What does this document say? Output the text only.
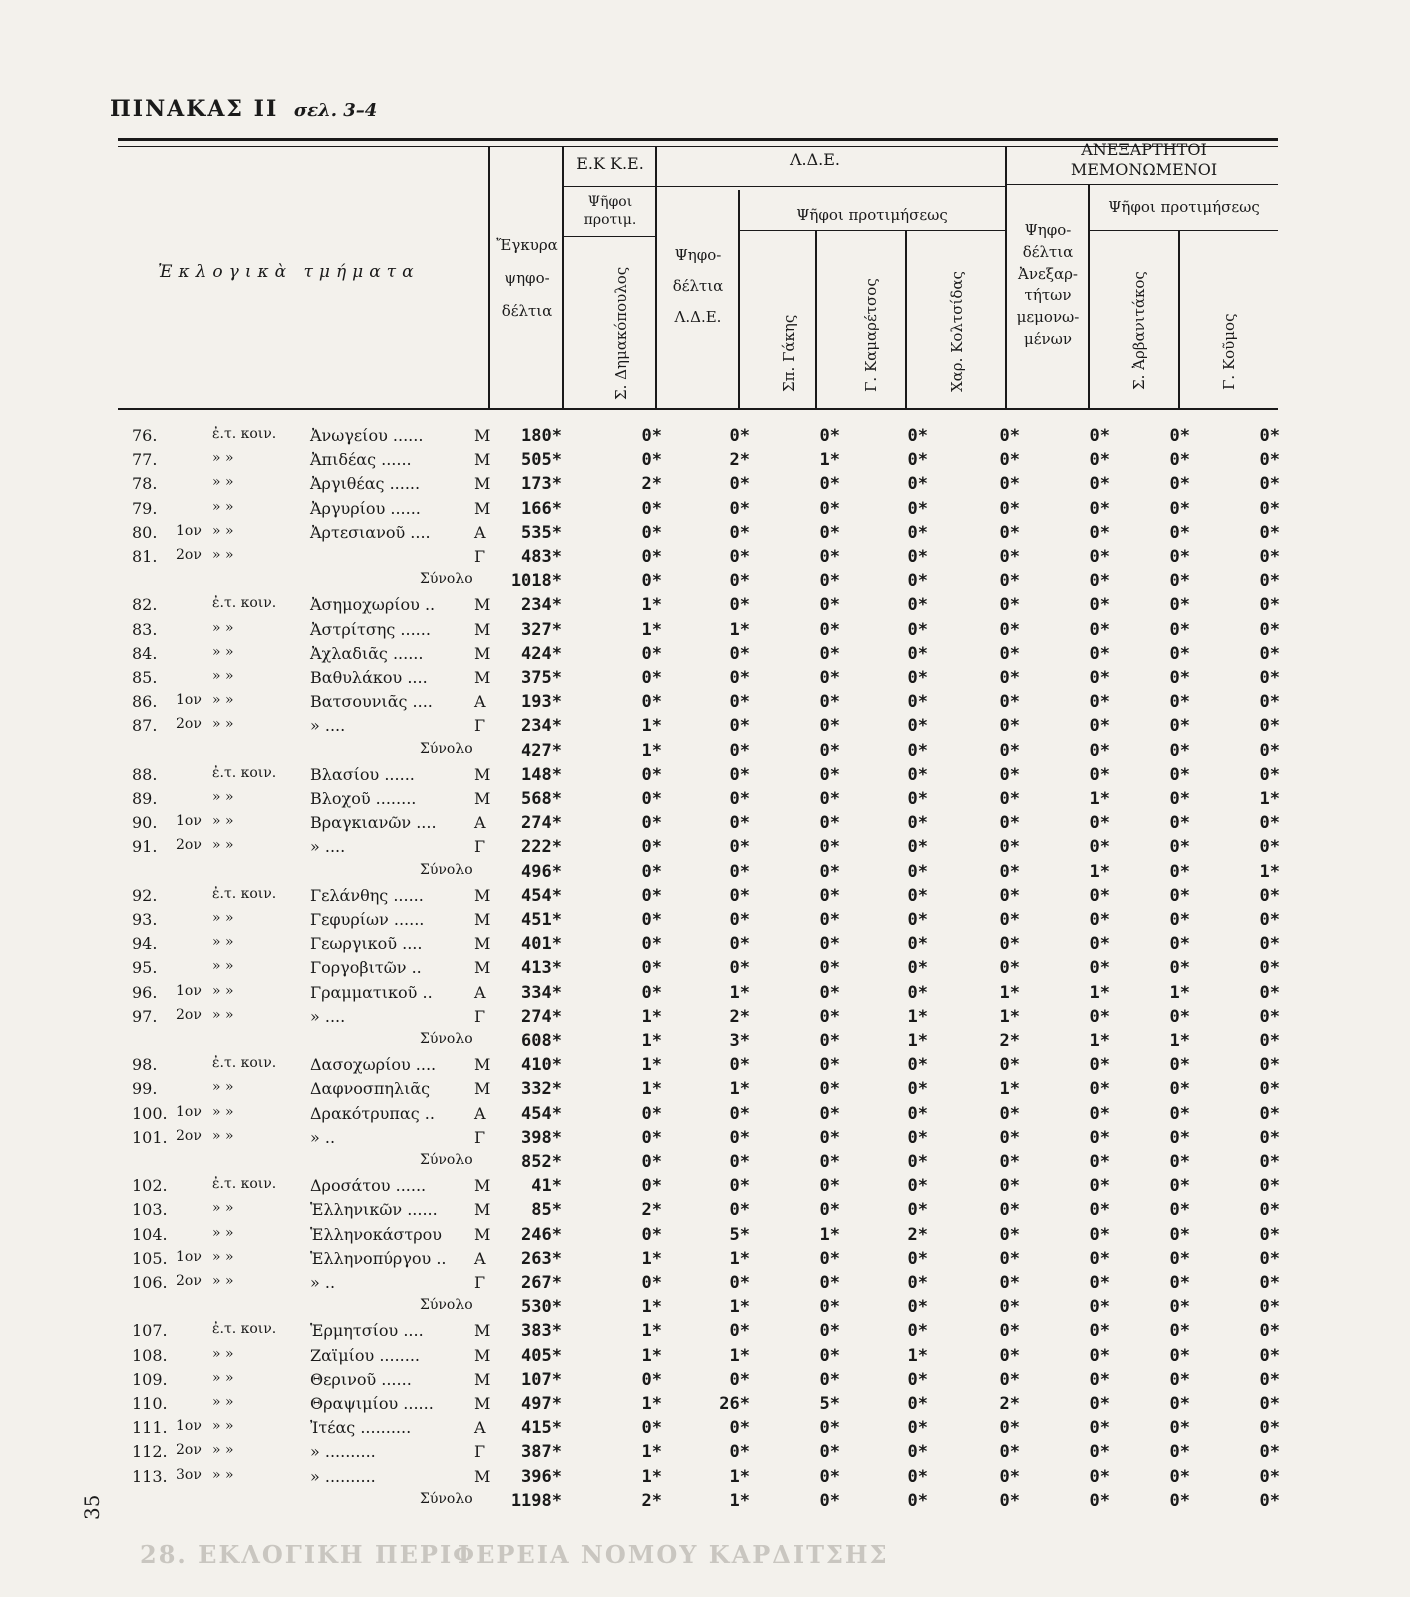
ΠΙΝΑΚΑΣ ΙΙ σελ. 3–4
Ἐκλογικὰ τμήματα
Ἔγκυρα
ψηφο-
δέλτια
Ε.Κ Κ.Ε.
Ψῆφοι
προτιμ.
Σ. Δημακόπουλος
Λ.Δ.Ε.
Ψηφο-
δέλτια
Λ.Δ.Ε.
Ψῆφοι προτιμήσεως
Σπ. Γάκης	Γ. Καμαρέτσος	Χαρ. Κολτσίδας
ΑΝΕΞΑΡΤΗΤΟΙ
ΜΕΜΟΝΩΜΕΝΟΙ
Ψηφο-
δέλτια
Ἀνεξαρ-
τήτων
μεμονω-
μένων
Ψῆφοι προτιμήσεως
Σ. Ἀρβανιτάκος	Γ. Κοῦμος
76.	ἐ.τ. κοιν. Ἀνωγείου ......	Μ	180*	0*	0*	0*	0*	0*	0*	0*	0*
77.	» »	Ἀπιδέας ......	Μ	505*	0*	2*	1*	0*	0*	0*	0*	0*
78.	» »	Ἀργιθέας ......	Μ	173*	2*	0*	0*	0*	0*	0*	0*	0*
79.	» »	Ἀργυρίου ......	Μ	166*	0*	0*	0*	0*	0*	0*	0*	0*
80. 1ον » »	Ἀρτεσιανοῦ ....	Α	535*	0*	0*	0*	0*	0*	0*	0*	0*
81. 2ον » »	Γ	483*	0*	0*	0*	0*	0*	0*	0*	0*
Σύνολο	1018*	0*	0*	0*	0*	0*	0*	0*	0*
82.	ἐ.τ. κοιν. Ἀσημοχωρίου .. Μ	234*	1*	0*	0*	0*	0*	0*	0*	0*
83.	» »	Ἀστρίτσης ......	Μ	327*	1*	1*	0*	0*	0*	0*	0*	0*
84.	» »	Ἀχλαδιᾶς ......	Μ	424*	0*	0*	0*	0*	0*	0*	0*	0*
85.	» »	Βαθυλάκου ....	Μ	375*	0*	0*	0*	0*	0*	0*	0*	0*
86. 1ον » »	Βατσουνιᾶς ....	Α	193*	0*	0*	0*	0*	0*	0*	0*	0*
87. 2ον » »	» ....	Γ	234*	1*	0*	0*	0*	0*	0*	0*	0*
Σύνολο	427*	1*	0*	0*	0*	0*	0*	0*	0*
88.	ἐ.τ. κοιν. Βλασίου ......	Μ	148*	0*	0*	0*	0*	0*	0*	0*	0*
89.	» »	Βλοχοῦ ........	Μ	568*	0*	0*	0*	0*	0*	1*	0*	1*
90. 1ον » »	Βραγκιανῶν .... Α	274*	0*	0*	0*	0*	0*	0*	0*	0*
91. 2ον » »	» ....	Γ	222*	0*	0*	0*	0*	0*	0*	0*	0*
Σύνολο	496*	0*	0*	0*	0*	0*	1*	0*	1*
92.	ἐ.τ. κοιν. Γελάνθης ......	Μ	454*	0*	0*	0*	0*	0*	0*	0*	0*
93.	» »	Γεφυρίων ......	Μ	451*	0*	0*	0*	0*	0*	0*	0*	0*
94.	» »	Γεωργικοῦ ....	Μ	401*	0*	0*	0*	0*	0*	0*	0*	0*
95.	» »	Γοργοβιτῶν ..	Μ	413*	0*	0*	0*	0*	0*	0*	0*	0*
96. 1ον » »	Γραμματικοῦ ..	Α	334*	0*	1*	0*	0*	1*	1*	1*	0*
97. 2ον » »	» ....	Γ	274*	1*	2*	0*	1*	1*	0*	0*	0*
Σύνολο	608*	1*	3*	0*	1*	2*	1*	1*	0*
98.	ἐ.τ. κοιν. Δασοχωρίου .... Μ	410*	1*	0*	0*	0*	0*	0*	0*	0*
99.	» »	Δαφνοσπηλιᾶς	Μ	332*	1*	1*	0*	0*	1*	0*	0*	0*
100. 1ον » »	Δρακότρυπας .. Α	454*	0*	0*	0*	0*	0*	0*	0*	0*
101. 2ον » »	» ..	Γ	398*	0*	0*	0*	0*	0*	0*	0*	0*
Σύνολο	852*	0*	0*	0*	0*	0*	0*	0*	0*
102.	ἐ.τ. κοιν. Δροσάτου ......	Μ	41*	0*	0*	0*	0*	0*	0*	0*	0*
103.	» »	Ἑλληνικῶν ...... Μ	85*	2*	0*	0*	0*	0*	0*	0*	0*
104.	» »	Ἑλληνοκάστρου Μ	246*	0*	5*	1*	2*	0*	0*	0*	0*
105. 1ον » »	Ἑλληνοπύργου .. Α	263*	1*	1*	0*	0*	0*	0*	0*	0*
106. 2ον » »	» ..	Γ	267*	0*	0*	0*	0*	0*	0*	0*	0*
Σύνολο	530*	1*	1*	0*	0*	0*	0*	0*	0*
107.	ἐ.τ. κοιν. Ἑρμητσίου ....	Μ	383*	1*	0*	0*	0*	0*	0*	0*	0*
108.	» »	Ζαϊμίου ........	Μ	405*	1*	1*	0*	1*	0*	0*	0*	0*
109.	» »	Θερινοῦ ......	Μ	107*	0*	0*	0*	0*	0*	0*	0*	0*
110.	» »	Θραψιμίου ......	Μ	497*	1*	26*	5*	0*	2*	0*	0*	0*
111. 1ον » »	Ἰτέας ..........	Α	415*	0*	0*	0*	0*	0*	0*	0*	0*
112. 2ον » »	» ..........	Γ	387*	1*	0*	0*	0*	0*	0*	0*	0*
113. 3ον » »	» ..........	Μ	396*	1*	1*	0*	0*	0*	0*	0*	0*
Σύνολο	1198*	2*	1*	0*	0*	0*	0*	0*	0*
35
28. ΕΚΛΟΓΙΚΗ ΠΕΡΙΦΕΡΕΙΑ ΝΟΜΟΥ ΚΑΡΔΙΤΣΗΣ
